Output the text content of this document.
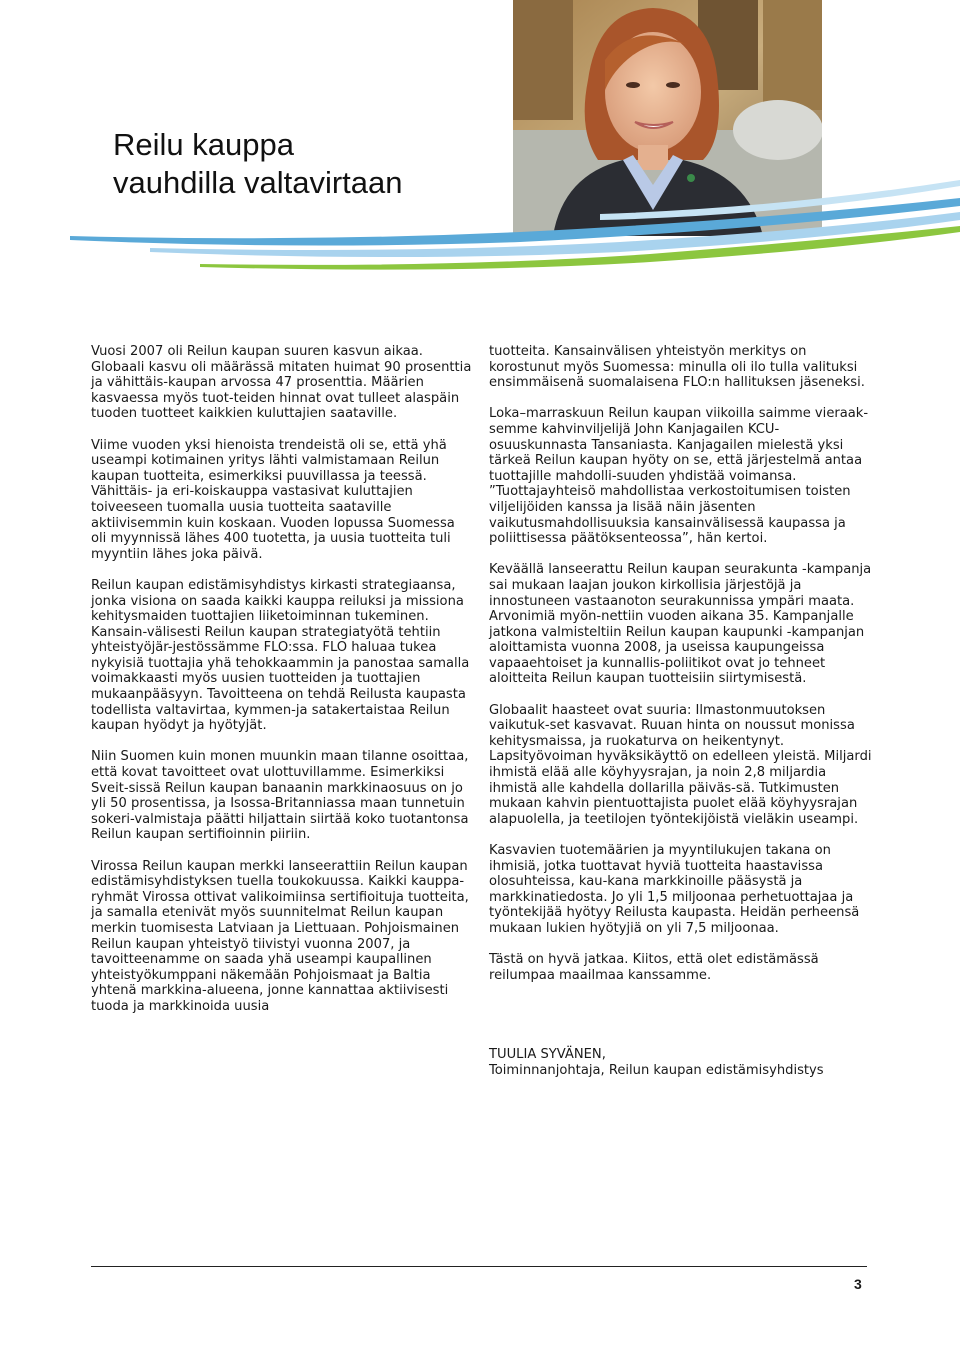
Reilu kauppa
vauhdilla valtavirtaan

Vuosi 2007 oli Reilun kaupan suuren kasvun aikaa. Globaali kasvu oli määrässä mitaten huimat 90 prosenttia ja vähittäis-kaupan arvossa 47 prosenttia. Määrien kasvaessa myös tuot-teiden hinnat ovat tulleet alaspäin tuoden tuotteet kaikkien kuluttajien saataville.

Viime vuoden yksi hienoista trendeistä oli se, että yhä useampi kotimainen yritys lähti valmistamaan Reilun kaupan tuotteita, esimerkiksi puuvillassa ja teessä. Vähittäis- ja eri-koiskauppa vastasivat kuluttajien toiveeseen tuomalla uusia tuotteita saataville aktiivisemmin kuin koskaan. Vuoden lopussa Suomessa oli myynnissä lähes 400 tuotetta, ja uusia tuotteita tuli myyntiin lähes joka päivä.

Reilun kaupan edistämisyhdistys kirkasti strategiaansa, jonka visiona on saada kaikki kauppa reiluksi ja missiona kehitysmaiden tuottajien liiketoiminnan tukeminen. Kansain-välisesti Reilun kaupan strategiatyötä tehtiin yhteistyöjär-jestössämme FLO:ssa. FLO haluaa tukea nykyisiä tuottajia yhä tehokkaammin ja panostaa samalla voimakkaasti myös uusien tuotteiden ja tuottajien mukaanpääsyyn. Tavoitteena on tehdä Reilusta kaupasta todellista valtavirtaa, kymmen-ja satakertaistaa Reilun kaupan hyödyt ja hyötyjät.

Niin Suomen kuin monen muunkin maan tilanne osoittaa, että kovat tavoitteet ovat ulottuvillamme. Esimerkiksi Sveit-sissä Reilun kaupan banaanin markkinaosuus on jo yli 50 prosentissa, ja Isossa-Britanniassa maan tunnetuin sokeri-valmistaja päätti hiljattain siirtää koko tuotantonsa Reilun kaupan sertifioinnin piiriin.

Virossa Reilun kaupan merkki lanseerattiin Reilun kaupan edistämisyhdistyksen tuella toukokuussa. Kaikki kauppa-ryhmät Virossa ottivat valikoimiinsa sertifioituja tuotteita, ja samalla etenivät myös suunnitelmat Reilun kaupan merkin tuomisesta Latviaan ja Liettuaan. Pohjoismainen Reilun kaupan yhteistyö tiivistyi vuonna 2007, ja tavoitteenamme on saada yhä useampi kaupallinen yhteistyökumppani näkemään Pohjoismaat ja Baltia yhtenä markkina-alueena, jonne kannattaa aktiivisesti tuoda ja markkinoida uusia

tuotteita. Kansainvälisen yhteistyön merkitys on korostunut myös Suomessa: minulla oli ilo tulla valituksi ensimmäisenä suomalaisena FLO:n hallituksen jäseneksi.

Loka–marraskuun Reilun kaupan viikoilla saimme vieraak-semme kahvinviljelijä John Kanjagailen KCU-osuuskunnasta Tansaniasta. Kanjagailen mielestä yksi tärkeä Reilun kaupan hyöty on se, että järjestelmä antaa tuottajille mahdolli-suuden yhdistää voimansa. ”Tuottajayhteisö mahdollistaa verkostoitumisen toisten viljelijöiden kanssa ja lisää näin jäsenten vaikutusmahdollisuuksia kansainvälisessä kaupassa ja poliittisessa päätöksenteossa”, hän kertoi.

Keväällä lanseerattu Reilun kaupan seurakunta -kampanja sai mukaan laajan joukon kirkollisia järjestöjä ja innostuneen vastaanoton seurakunnissa ympäri maata. Arvonimiä myön-nettiin vuoden aikana 35. Kampanjalle jatkona valmisteltiin Reilun kaupan kaupunki -kampanjan aloittamista vuonna 2008, ja useissa kaupungeissa vapaaehtoiset ja kunnallis-poliitikot ovat jo tehneet aloitteita Reilun kaupan tuotteisiin siirtymisestä.

Globaalit haasteet ovat suuria: Ilmastonmuutoksen vaikutuk-set kasvavat. Ruuan hinta on noussut monissa kehitysmaissa, ja ruokaturva on heikentynyt. Lapsityövoiman hyväksikäyttö on edelleen yleistä. Miljardi ihmistä elää alle köyhyysrajan, ja noin 2,8 miljardia ihmistä alle kahdella dollarilla päiväs-sä. Tutkimusten mukaan kahvin pientuottajista puolet elää köyhyysrajan alapuolella, ja teetilojen työntekijöistä vieläkin useampi.

Kasvavien tuotemäärien ja myyntilukujen takana on ihmisiä, jotka tuottavat hyviä tuotteita haastavissa olosuhteissa, kau-kana markkinoille pääsystä ja markkinatiedosta. Jo yli 1,5 miljoonaa perhetuottajaa ja työntekijää hyötyy Reilusta kaupasta. Heidän perheensä mukaan lukien hyötyjiä on yli 7,5 miljoonaa.

Tästä on hyvä jatkaa. Kiitos, että olet edistämässä reilumpaa maailmaa kanssamme.

TUULIA SYVÄNEN,
Toiminnanjohtaja, Reilun kaupan edistämisyhdistys
3
